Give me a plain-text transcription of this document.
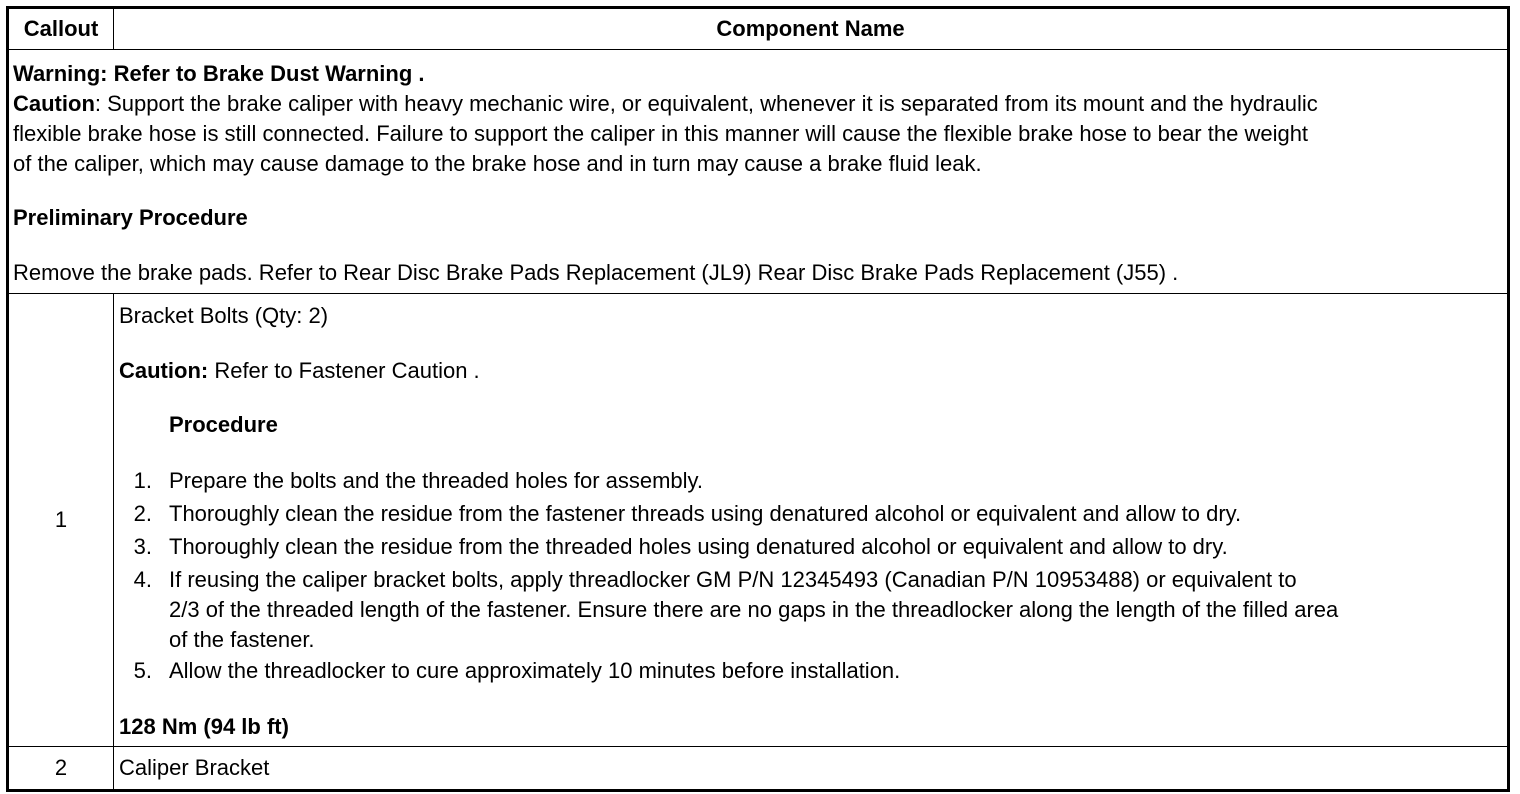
Callout	Component Name
Warning: Refer to Brake Dust Warning .
Caution: Support the brake caliper with heavy mechanic wire, or equivalent, whenever it is separated from its mount and the hydraulic
flexible brake hose is still connected. Failure to support the caliper in this manner will cause the flexible brake hose to bear the weight
of the caliper, which may cause damage to the brake hose and in turn may cause a brake fluid leak.
Preliminary Procedure
Remove the brake pads. Refer to Rear Disc Brake Pads Replacement (JL9) Rear Disc Brake Pads Replacement (J55) .
1
Bracket Bolts (Qty: 2)
Caution: Refer to Fastener Caution .
Procedure
1. Prepare the bolts and the threaded holes for assembly.
2. Thoroughly clean the residue from the fastener threads using denatured alcohol or equivalent and allow to dry.
3. Thoroughly clean the residue from the threaded holes using denatured alcohol or equivalent and allow to dry.
4. If reusing the caliper bracket bolts, apply threadlocker GM P/N 12345493 (Canadian P/N 10953488) or equivalent to
2/3 of the threaded length of the fastener. Ensure there are no gaps in the threadlocker along the length of the filled area
of the fastener.
5. Allow the threadlocker to cure approximately 10 minutes before installation.
128 Nm (94 lb ft)
2	Caliper Bracket
